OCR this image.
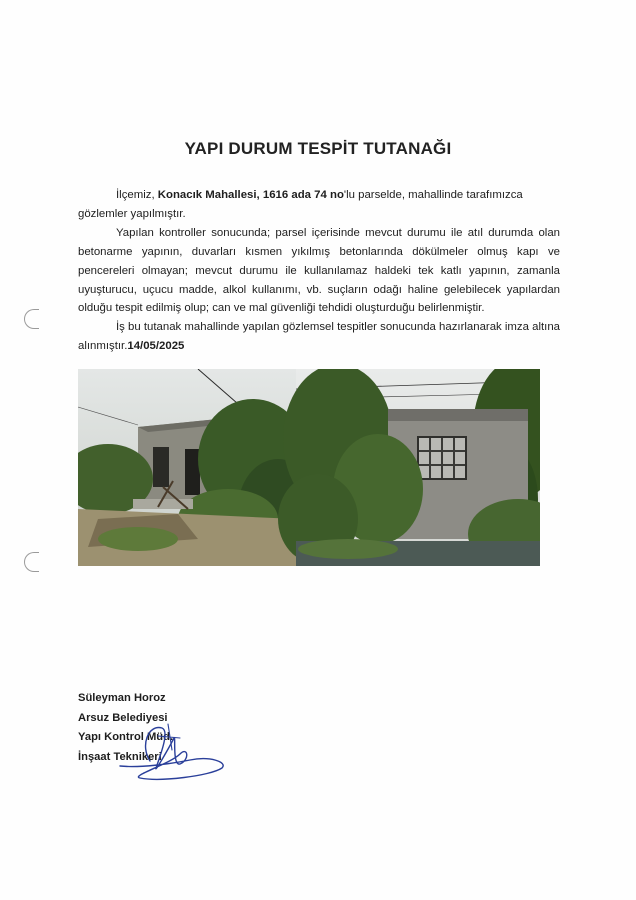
YAPI DURUM TESPİT TUTANAĞI

İlçemiz, Konacık Mahallesi, 1616 ada 74 no'lu parselde, mahallinde tarafımızca gözlemler yapılmıştır.

Yapılan kontroller sonucunda; parsel içerisinde mevcut durumu ile atıl durumda olan betonarme yapının, duvarları kısmen yıkılmış betonlarında dökülmeler olmuş kapı ve pencereleri olmayan; mevcut durumu ile kullanılamaz haldeki tek katlı yapının, zamanla uyuşturucu, uçucu madde, alkol kullanımı, vb. suçların odağı haline gelebilecek yapılardan olduğu tespit edilmiş olup; can ve mal güvenliği tehdidi oluşturduğu belirlenmiştir.

İş bu tutanak mahallinde yapılan gözlemsel tespitler sonucunda hazırlanarak imza altına alınmıştır.14/05/2025

Süleyman Horoz
Arsuz Belediyesi
Yapı Kontrol Müd.
İnşaat Teknikeri
